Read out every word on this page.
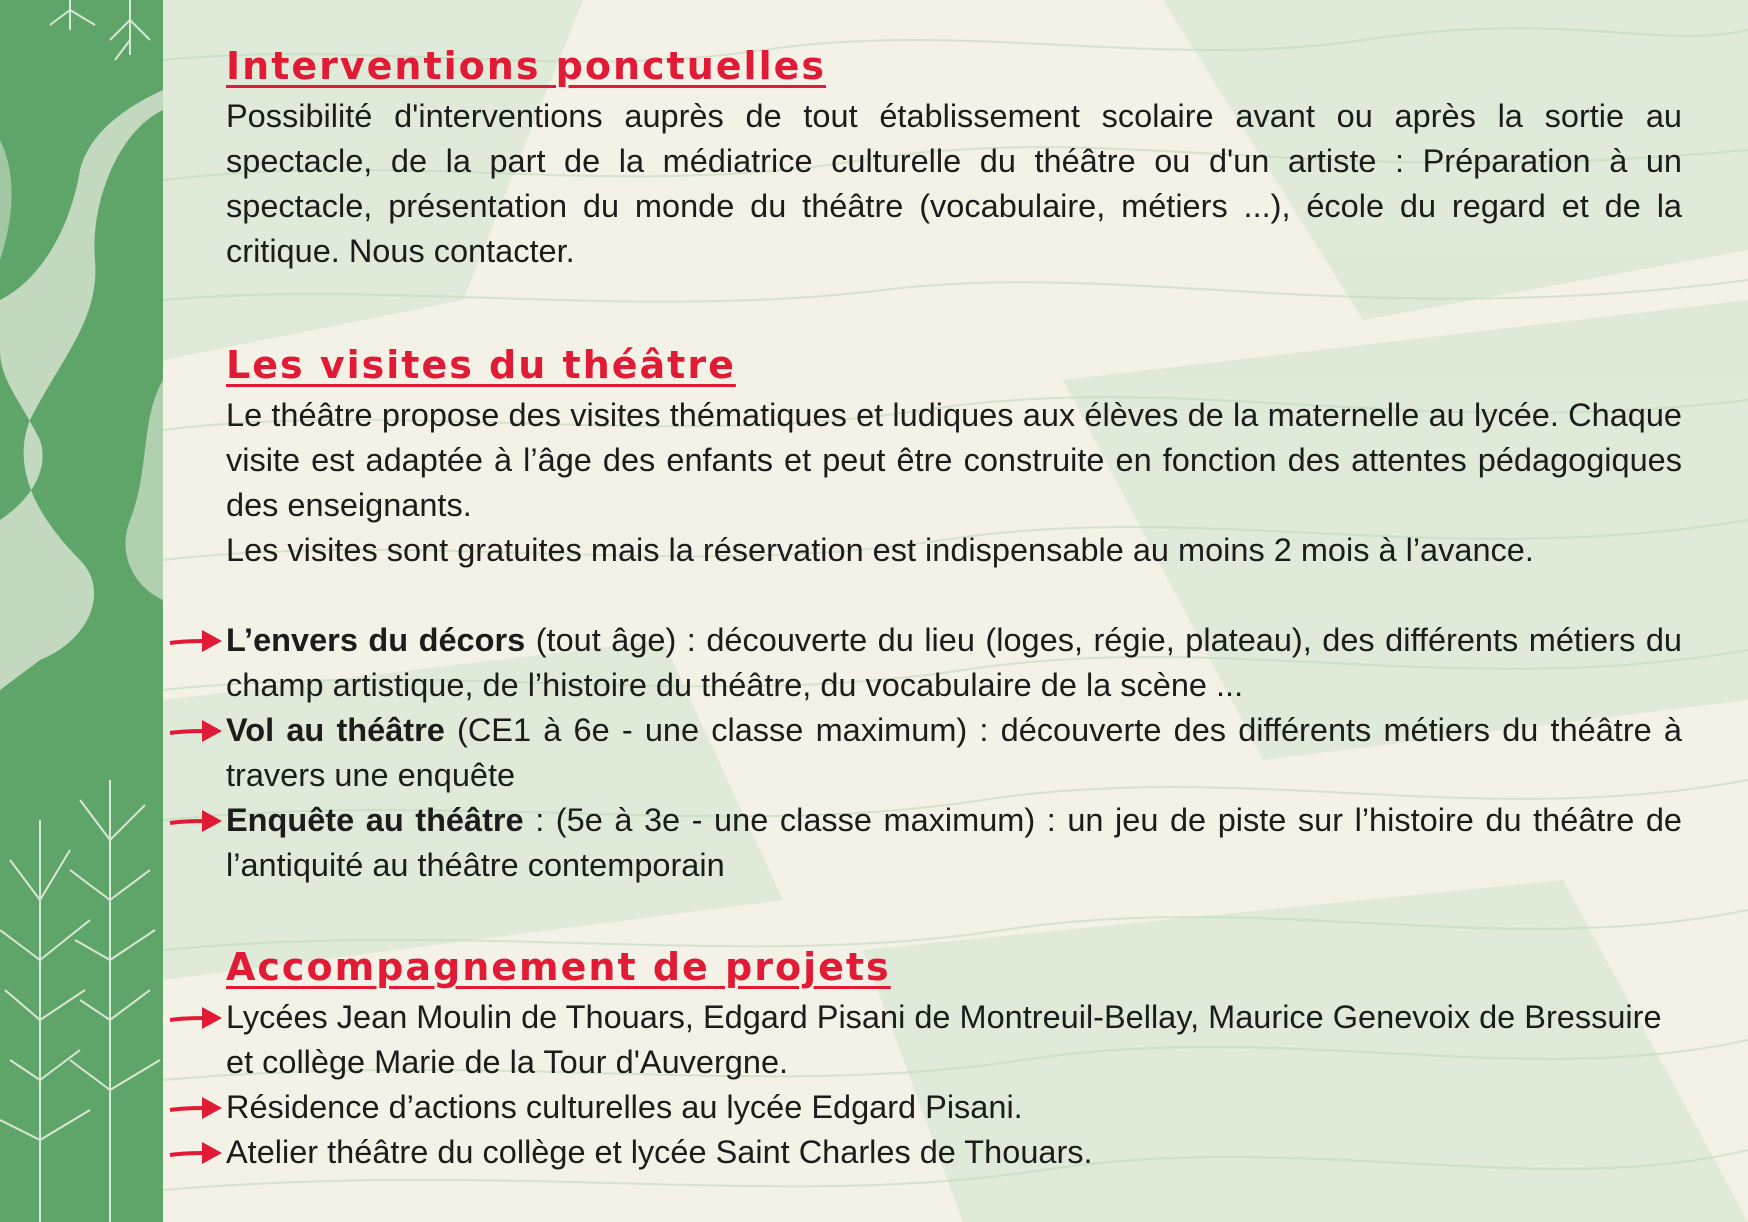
Interventions ponctuelles

Possibilité d'interventions auprès de tout établissement scolaire avant ou après la sortie au spectacle, de la part de la médiatrice culturelle du théâtre ou d'un artiste : Préparation à un spectacle, présentation du monde du théâtre (vocabulaire, métiers ...), école du regard et de la critique. Nous contacter.

Les visites du théâtre

Le théâtre propose des visites thématiques et ludiques aux élèves de la maternelle au lycée. Chaque visite est adaptée à l’âge des enfants et peut être construite en fonction des attentes pédagogiques des enseignants.

Les visites sont gratuites mais la réservation est indispensable au moins 2 mois à l’avance.

L’envers du décors (tout âge) : découverte du lieu (loges, régie, plateau), des différents métiers du champ artistique, de l’histoire du théâtre, du vocabulaire de la scène ...
Vol au théâtre (CE1 à 6e - une classe maximum) : découverte des différents métiers du théâtre à travers une enquête
Enquête au théâtre : (5e à 3e - une classe maximum) : un jeu de piste sur l’histoire du théâtre de l’antiquité au théâtre contemporain
Accompagnement de projets
Lycées Jean Moulin de Thouars, Edgard Pisani de Montreuil-Bellay, Maurice Genevoix de Bressuire et collège Marie de la Tour d'Auvergne.
Résidence d’actions culturelles au lycée Edgard Pisani.
Atelier théâtre du collège et lycée Saint Charles de Thouars.
